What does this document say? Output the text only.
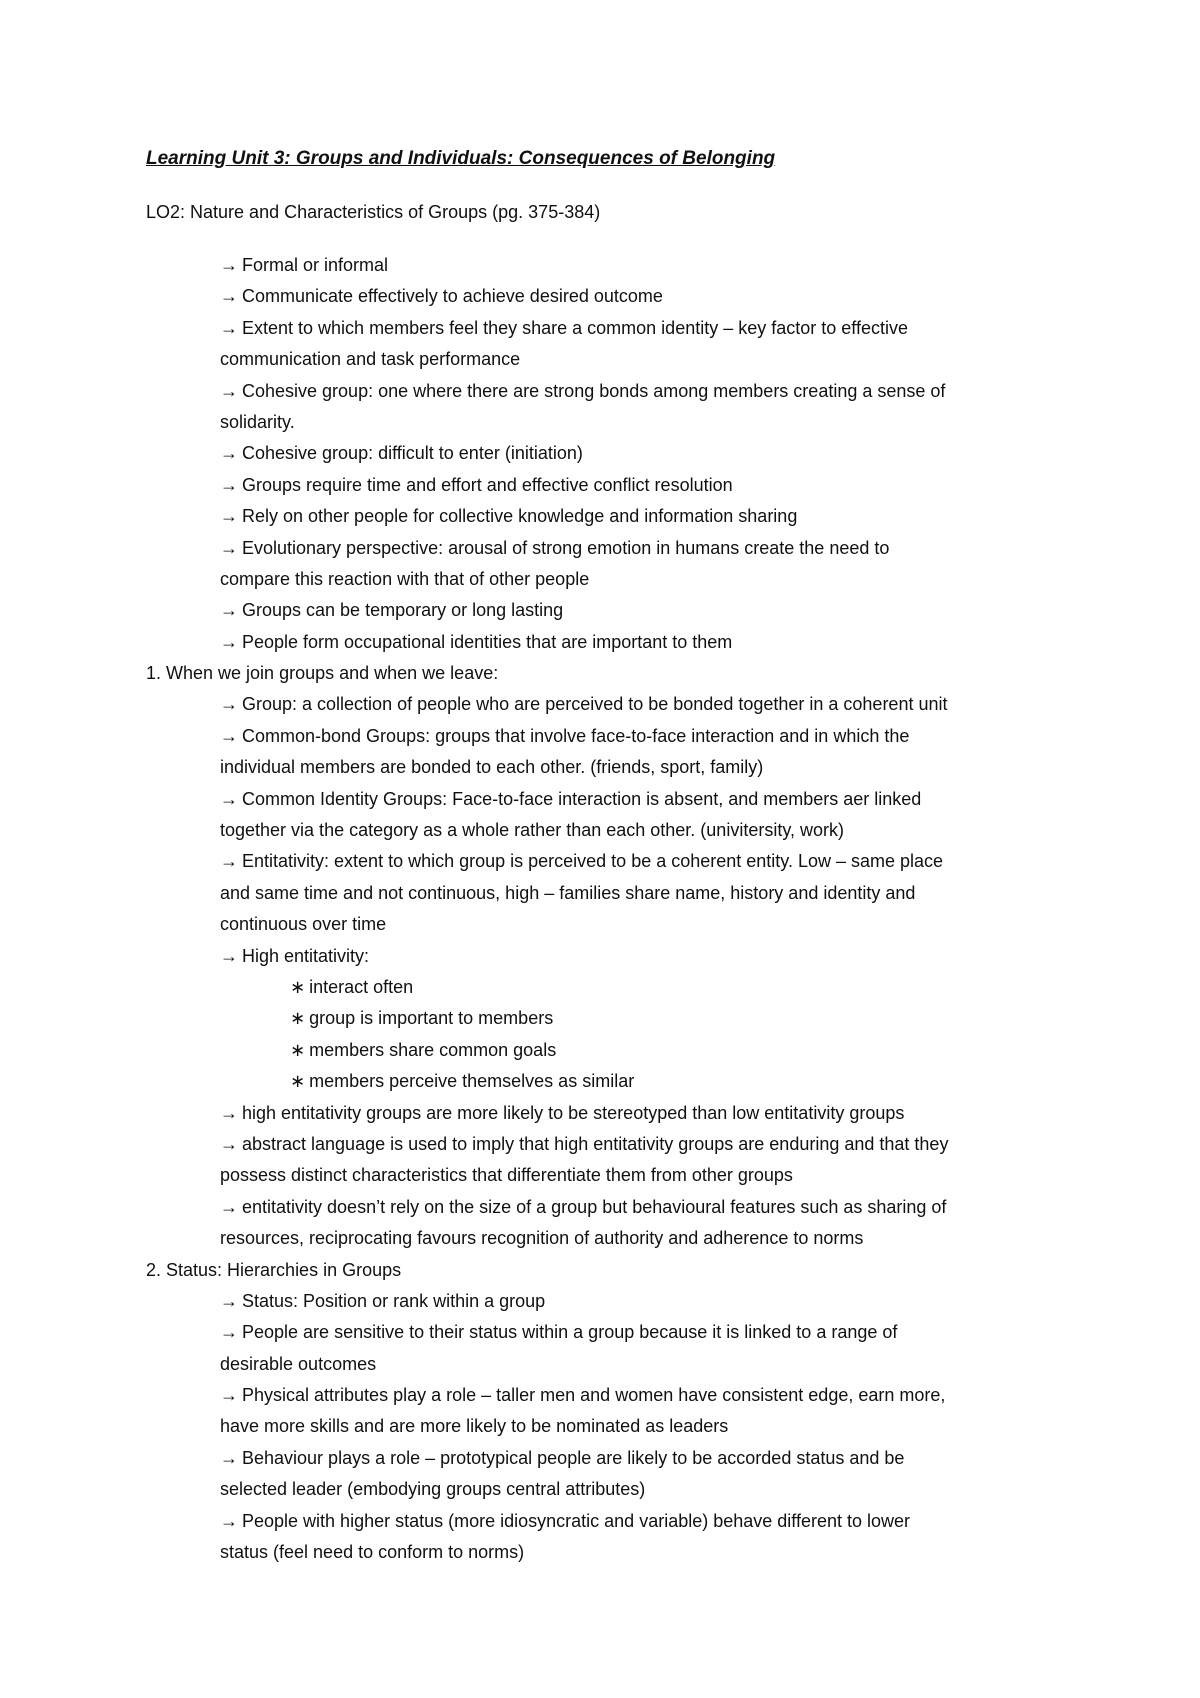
Learning Unit 3: Groups and Individuals: Consequences of Belonging
LO2: Nature and Characteristics of Groups (pg. 375-384)
→ Formal or informal
→ Communicate effectively to achieve desired outcome
→ Extent to which members feel they share a common identity – key factor to effective
communication and task performance
→ Cohesive group: one where there are strong bonds among members creating a sense of
solidarity.
→ Cohesive group: difficult to enter (initiation)
→ Groups require time and effort and effective conflict resolution
→ Rely on other people for collective knowledge and information sharing
→ Evolutionary perspective: arousal of strong emotion in humans create the need to
compare this reaction with that of other people
→ Groups can be temporary or long lasting
→ People form occupational identities that are important to them
1. When we join groups and when we leave:
→ Group: a collection of people who are perceived to be bonded together in a coherent unit
→ Common-bond Groups: groups that involve face-to-face interaction and in which the
individual members are bonded to each other. (friends, sport, family)
→ Common Identity Groups: Face-to-face interaction is absent, and members aer linked
together via the category as a whole rather than each other. (univitersity, work)
→ Entitativity: extent to which group is perceived to be a coherent entity. Low – same place
and same time and not continuous, high – families share name, history and identity and
continuous over time
→ High entitativity:
∗ interact often
∗ group is important to members
∗ members share common goals
∗ members perceive themselves as similar
→ high entitativity groups are more likely to be stereotyped than low entitativity groups
→ abstract language is used to imply that high entitativity groups are enduring and that they
possess distinct characteristics that differentiate them from other groups
→ entitativity doesn’t rely on the size of a group but behavioural features such as sharing of
resources, reciprocating favours recognition of authority and adherence to norms
2. Status: Hierarchies in Groups
→ Status: Position or rank within a group
→ People are sensitive to their status within a group because it is linked to a range of
desirable outcomes
→ Physical attributes play a role – taller men and women have consistent edge, earn more,
have more skills and are more likely to be nominated as leaders
→ Behaviour plays a role – prototypical people are likely to be accorded status and be
selected leader (embodying groups central attributes)
→ People with higher status (more idiosyncratic and variable) behave different to lower
status (feel need to conform to norms)
